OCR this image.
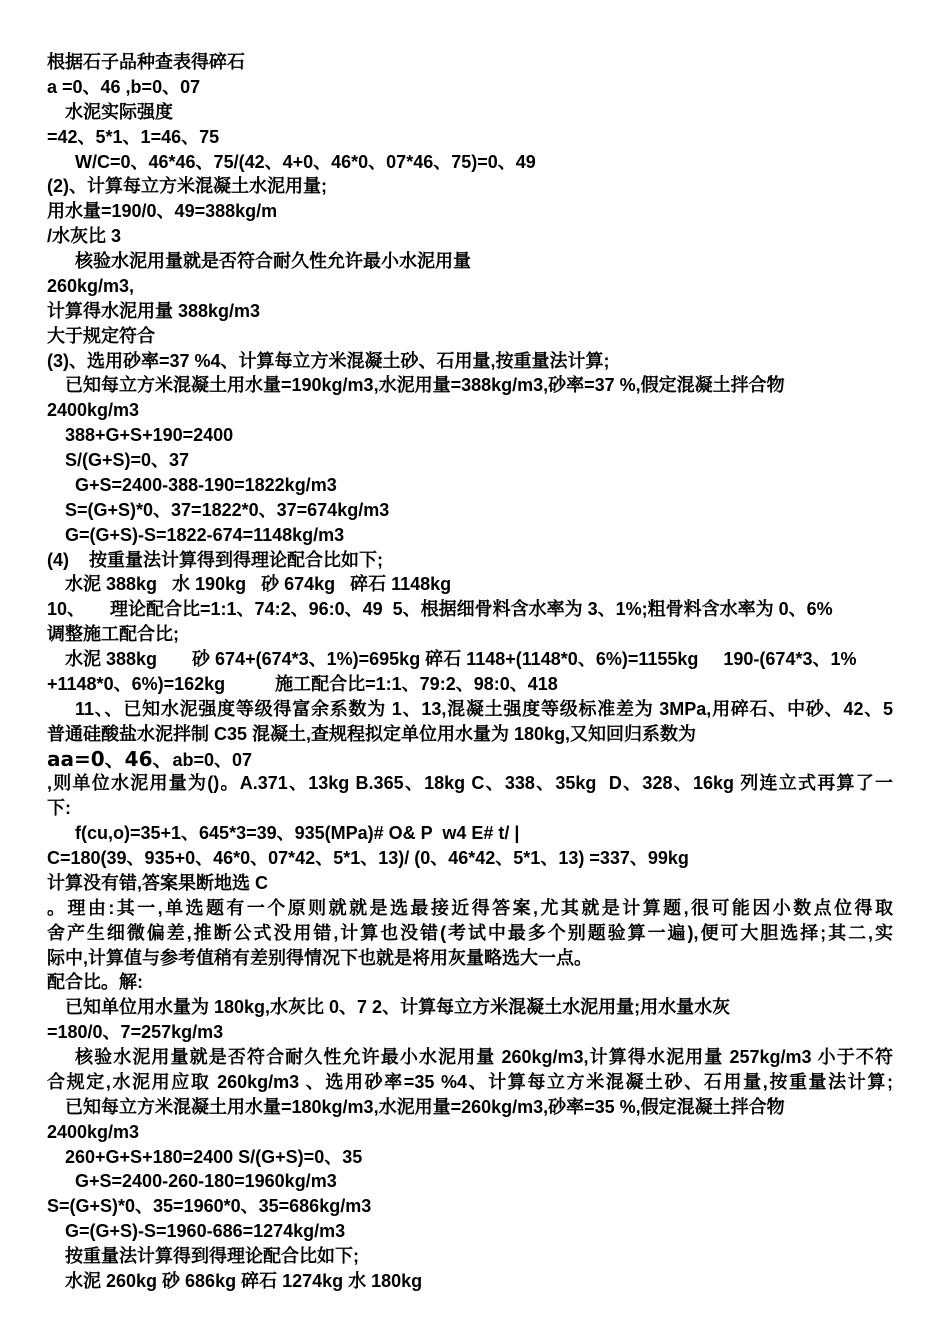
根据石子品种查表得碎石
a =0、46 ,b=0、07
水泥实际强度
=42、5*1、1=46、75
W/C=0、46*46、75/(42、4+0、46*0、07*46、75)=0、49
(2)、计算每立方米混凝土水泥用量;
用水量=190/0、49=388kg/m
/水灰比 3
核验水泥用量就是否符合耐久性允许最小水泥用量
260kg/m3,
计算得水泥用量 388kg/m3
大于规定符合
(3)、选用砂率=37 %4、计算每立方米混凝土砂、石用量,按重量法计算;
已知每立方米混凝土用水量=190kg/m3,水泥用量=388kg/m3,砂率=37 %,假定混凝土拌合物
2400kg/m3
388+G+S+190=2400
S/(G+S)=0、37
G+S=2400-388-190=1822kg/m3
S=(G+S)*0、37=1822*0、37=674kg/m3
G=(G+S)-S=1822-674=1148kg/m3
(4)    按重量法计算得到得理论配合比如下;
水泥 388kg   水 190kg   砂 674kg   碎石 1148kg
10、     理论配合比=1:1、74:2、96:0、49  5、根据细骨料含水率为 3、1%;粗骨料含水率为 0、6%
调整施工配合比;
水泥 388kg       砂 674+(674*3、1%)=695kg 碎石 1148+(1148*0、6%)=1155kg     190-(674*3、1%
+1148*0、6%)=162kg          施工配合比=1:1、79:2、98:0、418
11、、已知水泥强度等级得富余系数为 1、13,混凝土强度等级标准差为 3MPa,用碎石、中砂、42、5
普通硅酸盐水泥拌制 C35 混凝土,查规程拟定单位用水量为 180kg,又知回归系数为
aa=0、46、ab=0、07
,则单位水泥用量为()。A.371、13kg B.365、18kg C、338、35kg  D、328、16kg 列连立式再算了一
下:
f(cu,o)=35+1、645*3=39、935(MPa)# O& P  w4 E# t/ |
C=180(39、935+0、46*0、07*42、5*1、13)/ (0、46*42、5*1、13) =337、99kg
计算没有错,答案果断地选 C
。理由:其一,单选题有一个原则就就是选最接近得答案,尤其就是计算题,很可能因小数点位得取
舍产生细微偏差,推断公式没用错,计算也没错(考试中最多个别题验算一遍),便可大胆选择;其二,实
际中,计算值与参考值稍有差别得情况下也就是将用灰量略选大一点。
配合比。解:
已知单位用水量为 180kg,水灰比 0、7 2、计算每立方米混凝土水泥用量;用水量水灰
=180/0、7=257kg/m3
核验水泥用量就是否符合耐久性允许最小水泥用量 260kg/m3,计算得水泥用量 257kg/m3 小于不符
合规定,水泥用应取 260kg/m3 、选用砂率=35 %4、计算每立方米混凝土砂、石用量,按重量法计算;
已知每立方米混凝土用水量=180kg/m3,水泥用量=260kg/m3,砂率=35 %,假定混凝土拌合物
2400kg/m3
260+G+S+180=2400 S/(G+S)=0、35
G+S=2400-260-180=1960kg/m3
S=(G+S)*0、35=1960*0、35=686kg/m3
G=(G+S)-S=1960-686=1274kg/m3
按重量法计算得到得理论配合比如下;
水泥 260kg 砂 686kg 碎石 1274kg 水 180kg
